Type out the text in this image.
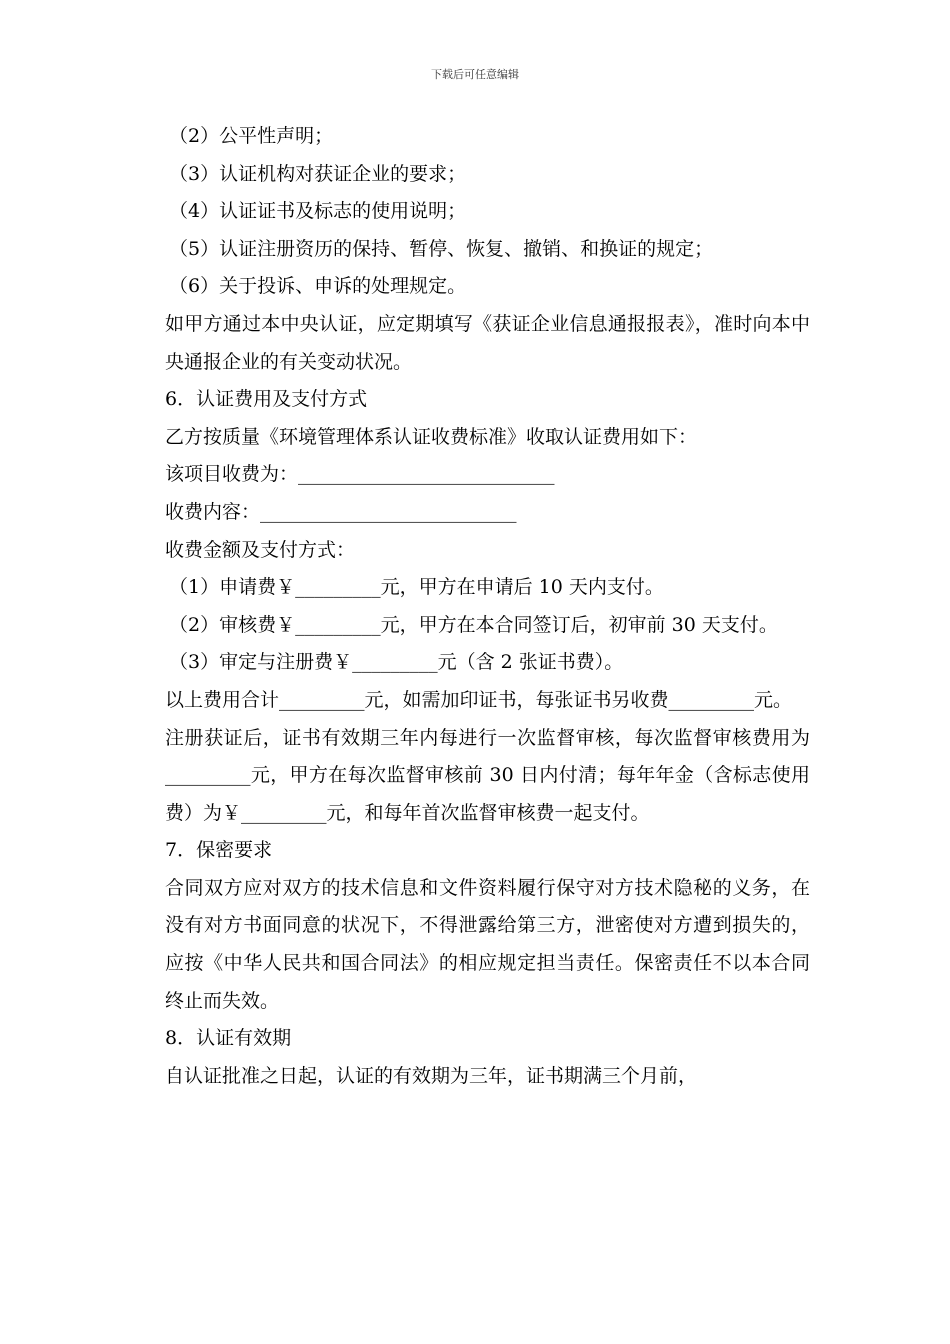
下载后可任意编辑

（2）公平性声明；

（3）认证机构对获证企业的要求；

（4）认证证书及标志的使用说明；

（5）认证注册资历的保持、暂停、恢复、撤销、和换证的规定；

（6）关于投诉、申诉的处理规定。

如甲方通过本中央认证，应定期填写《获证企业信息通报报表》，准时向本中央通报企业的有关变动状况。

6．认证费用及支付方式

乙方按质量《环境管理体系认证收费标准》收取认证费用如下：

该项目收费为：___________________________

收费内容：___________________________

收费金额及支付方式：

（1）申请费￥_________元，甲方在申请后 10 天内支付。

（2）审核费￥_________元，甲方在本合同签订后，初审前 30 天支付。

（3）审定与注册费￥_________元（含 2 张证书费）。

以上费用合计_________元，如需加印证书，每张证书另收费_________元。

注册获证后，证书有效期三年内每进行一次监督审核，每次监督审核费用为_________元，甲方在每次监督审核前 30 日内付清；每年年金（含标志使用费）为￥_________元，和每年首次监督审核费一起支付。

7．保密要求

合同双方应对双方的技术信息和文件资料履行保守对方技术隐秘的义务，在没有对方书面同意的状况下，不得泄露给第三方，泄密使对方遭到损失的，应按《中华人民共和国合同法》的相应规定担当责任。保密责任不以本合同终止而失效。

8．认证有效期

自认证批准之日起，认证的有效期为三年，证书期满三个月前，
